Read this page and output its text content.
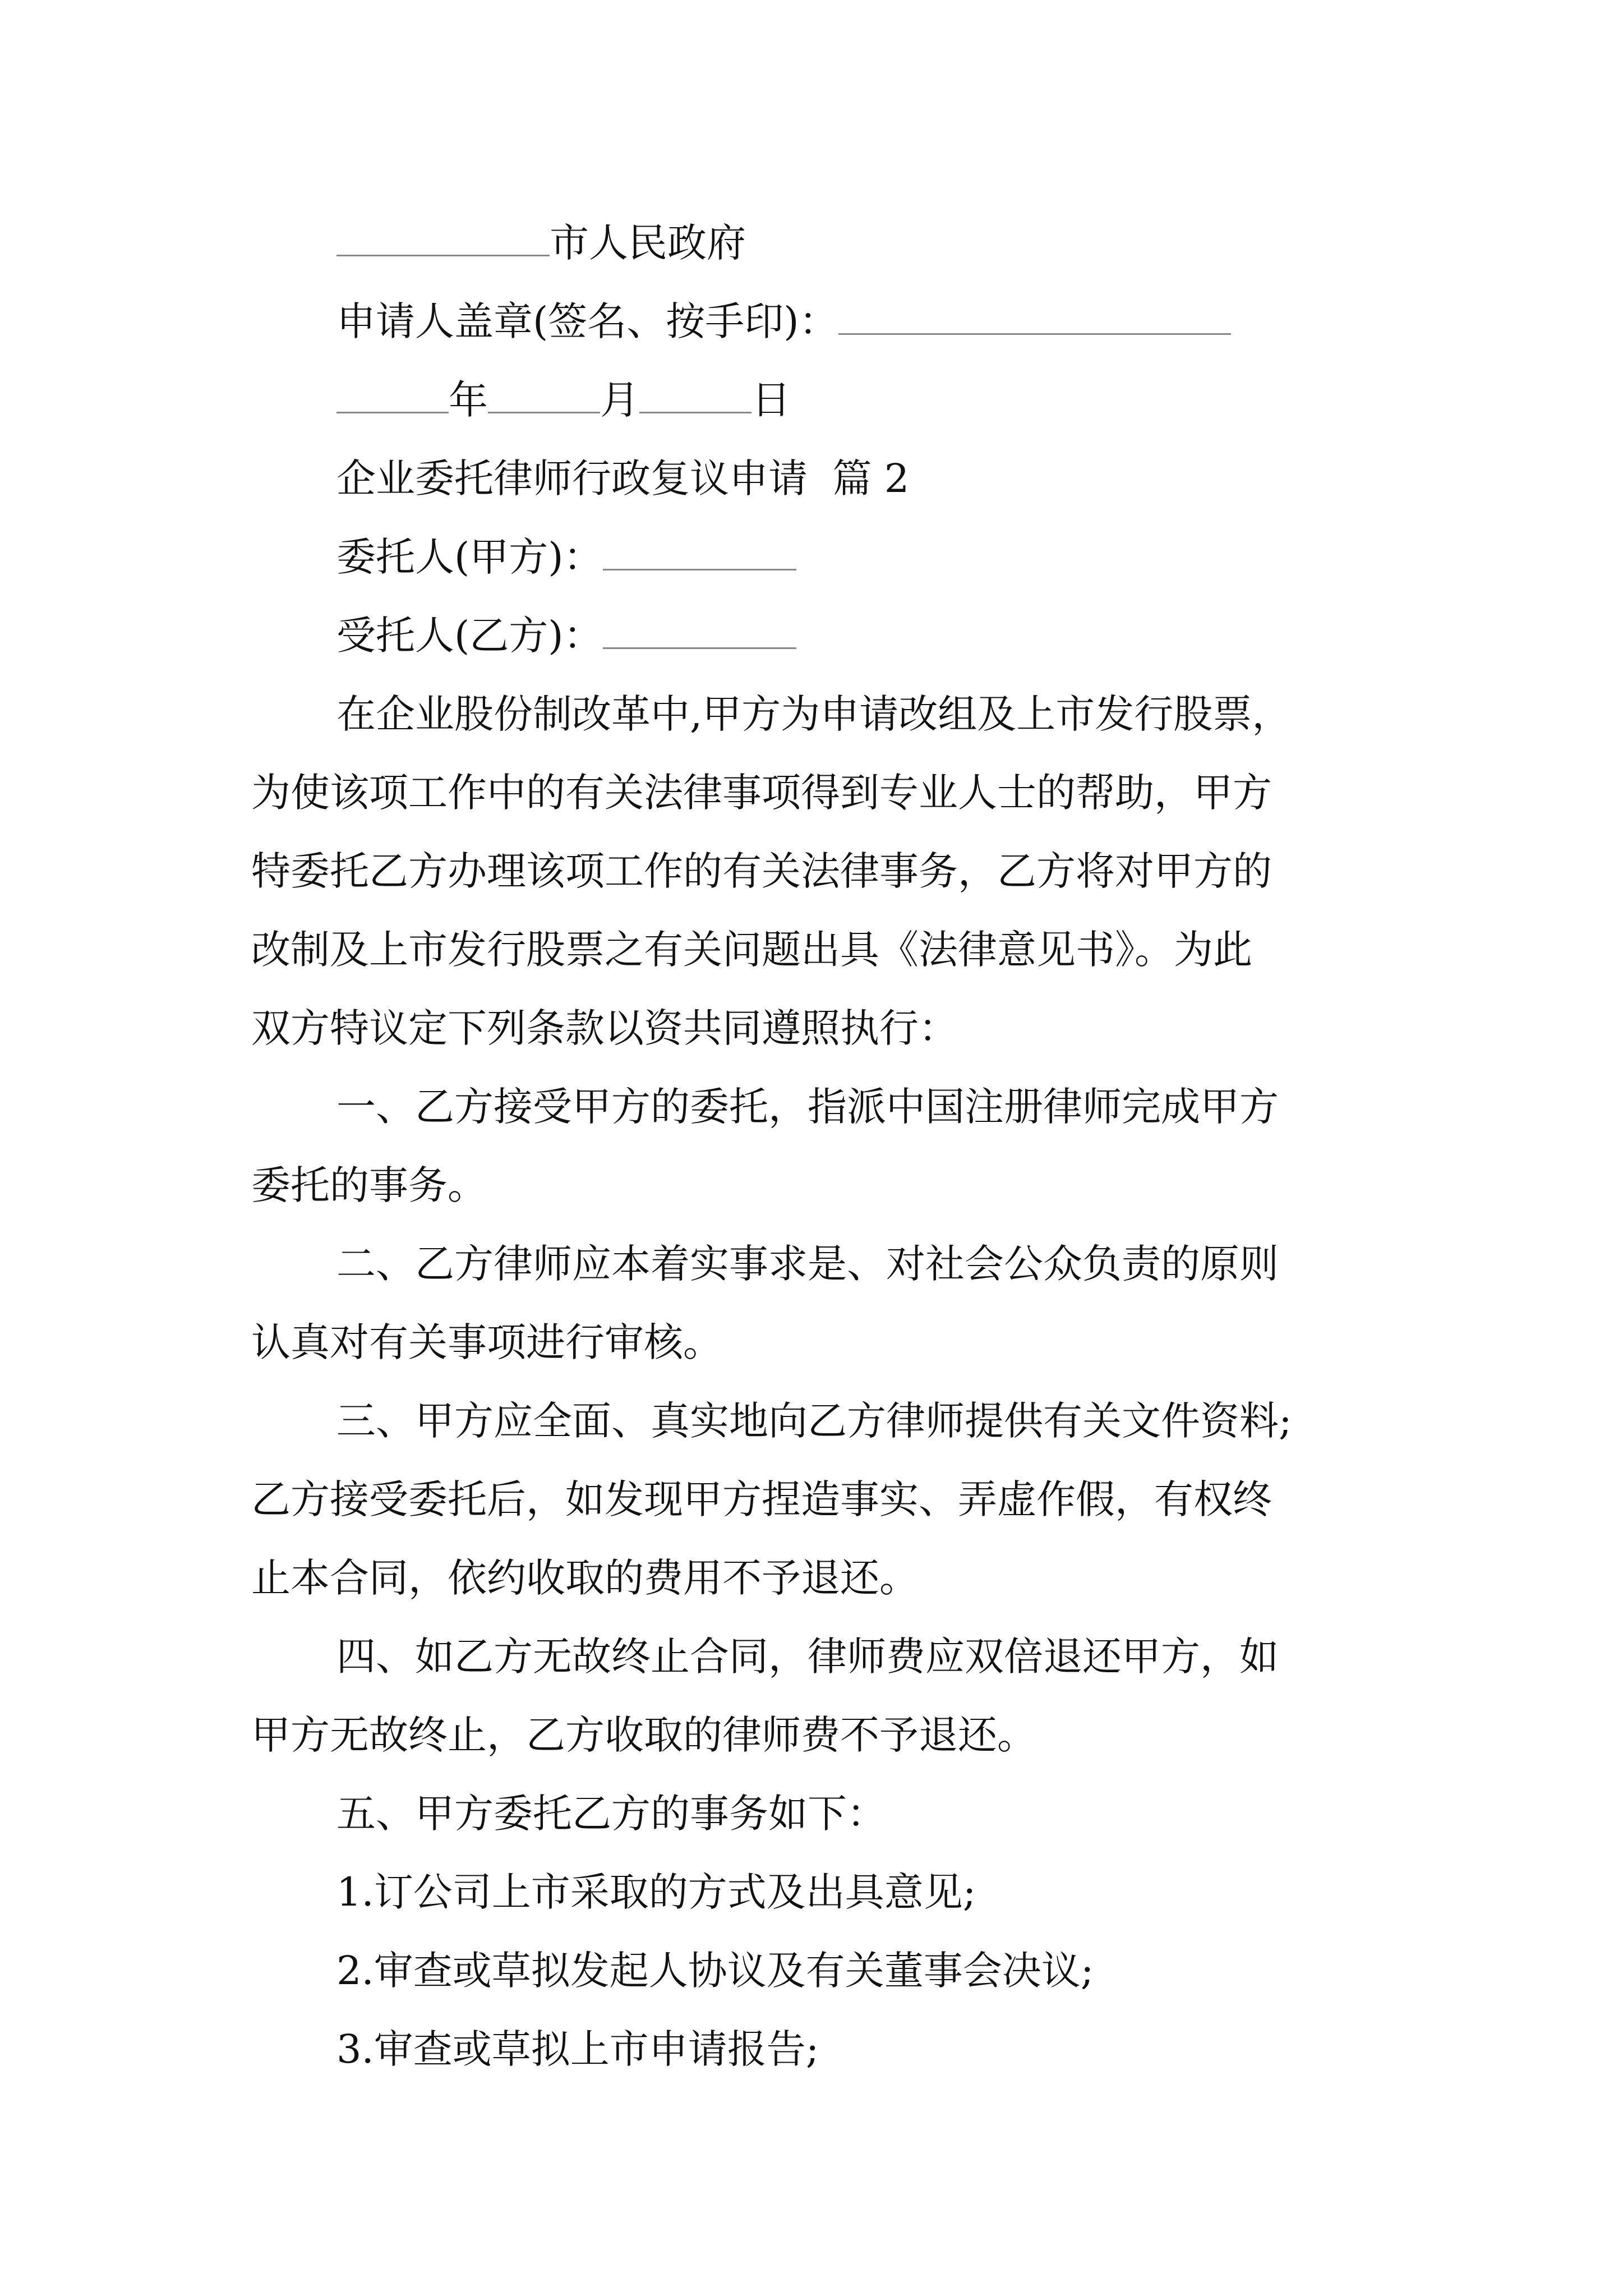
市人民政府
申请人盖章(签名、按手印)：
年	月	日
企业委托律师行政复议申请  篇 2
委托人(甲方)：
受托人(乙方)：
在企业股份制改革中,甲方为申请改组及上市发行股票，
为使该项工作中的有关法律事项得到专业人士的帮助，甲方
特委托乙方办理该项工作的有关法律事务，乙方将对甲方的
改制及上市发行股票之有关问题出具《法律意见书》。为此
双方特议定下列条款以资共同遵照执行：
一、乙方接受甲方的委托，指派中国注册律师完成甲方
委托的事务。
二、乙方律师应本着实事求是、对社会公众负责的原则
认真对有关事项进行审核。
三、甲方应全面、真实地向乙方律师提供有关文件资料;
乙方接受委托后，如发现甲方捏造事实、弄虚作假，有权终
止本合同，依约收取的费用不予退还。
四、如乙方无故终止合同，律师费应双倍退还甲方，如
甲方无故终止，乙方收取的律师费不予退还。
五、甲方委托乙方的事务如下：
1.订公司上市采取的方式及出具意见;
2.审查或草拟发起人协议及有关董事会决议;
3.审查或草拟上市申请报告;
